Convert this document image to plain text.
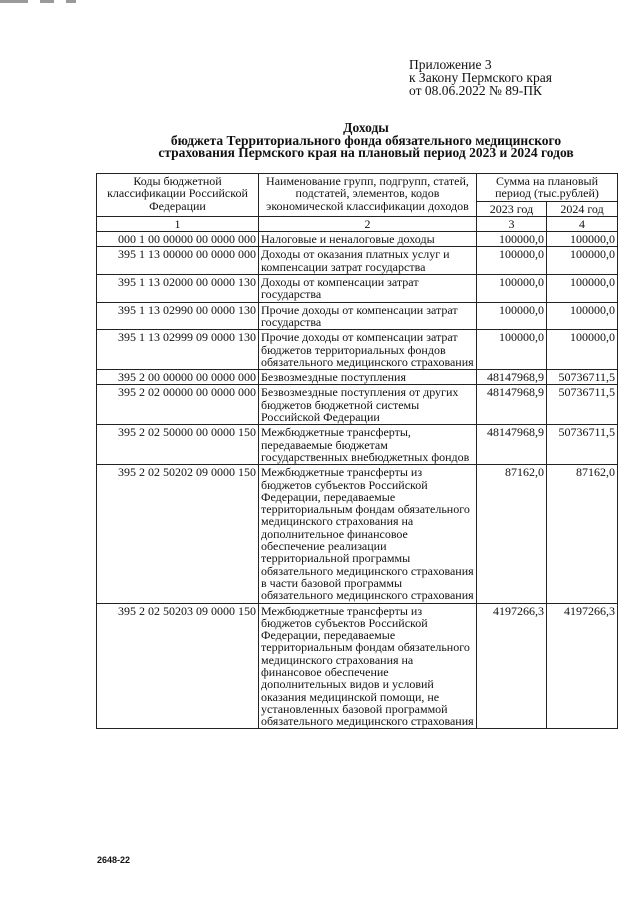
Приложение 3
к Закону Пермского края
от 08.06.2022 № 89-ПК
Доходы
бюджета Территориального фонда обязательного медицинского
страхования Пермского края на плановый период 2023 и 2024 годов
Коды бюджетной классификации Российской Федерации	Наименование групп, подгрупп, статей, подстатей, элементов, кодов экономической классификации доходов	Сумма на плановый период (тыс.рублей)	
		2023 год	2024 год
1	2	3	4
000 1 00 00000 00 0000 000	Налоговые и неналоговые доходы	100000,0	100000,0
395 1 13 00000 00 0000 000	Доходы от оказания платных услуг и компенсации затрат государства	100000,0	100000,0
395 1 13 02000 00 0000 130	Доходы от компенсации затрат государства	100000,0	100000,0
395 1 13 02990 00 0000 130	Прочие доходы от компенсации затрат государства	100000,0	100000,0
395 1 13 02999 09 0000 130	Прочие доходы от компенсации затрат бюджетов территориальных фондов обязательного медицинского страхования	100000,0	100000,0
395 2 00 00000 00 0000 000	Безвозмездные поступления	48147968,9	50736711,5
395 2 02 00000 00 0000 000	Безвозмездные поступления от других бюджетов бюджетной системы Российской Федерации	48147968,9	50736711,5
395 2 02 50000 00 0000 150	Межбюджетные трансферты, передаваемые бюджетам государственных внебюджетных фондов	48147968,9	50736711,5
395 2 02 50202 09 0000 150	Межбюджетные трансферты из бюджетов субъектов Российской Федерации, передаваемые территориальным фондам обязательного медицинского страхования на дополнительное финансовое обеспечение реализации территориальной программы обязательного медицинского страхования в части базовой программы обязательного медицинского страхования	87162,0	87162,0
395 2 02 50203 09 0000 150	Межбюджетные трансферты из бюджетов субъектов Российской Федерации, передаваемые территориальным фондам обязательного медицинского страхования на финансовое обеспечение дополнительных видов и условий оказания медицинской помощи, не установленных базовой программой обязательного медицинского страхования	4197266,3	4197266,3
2648-22
